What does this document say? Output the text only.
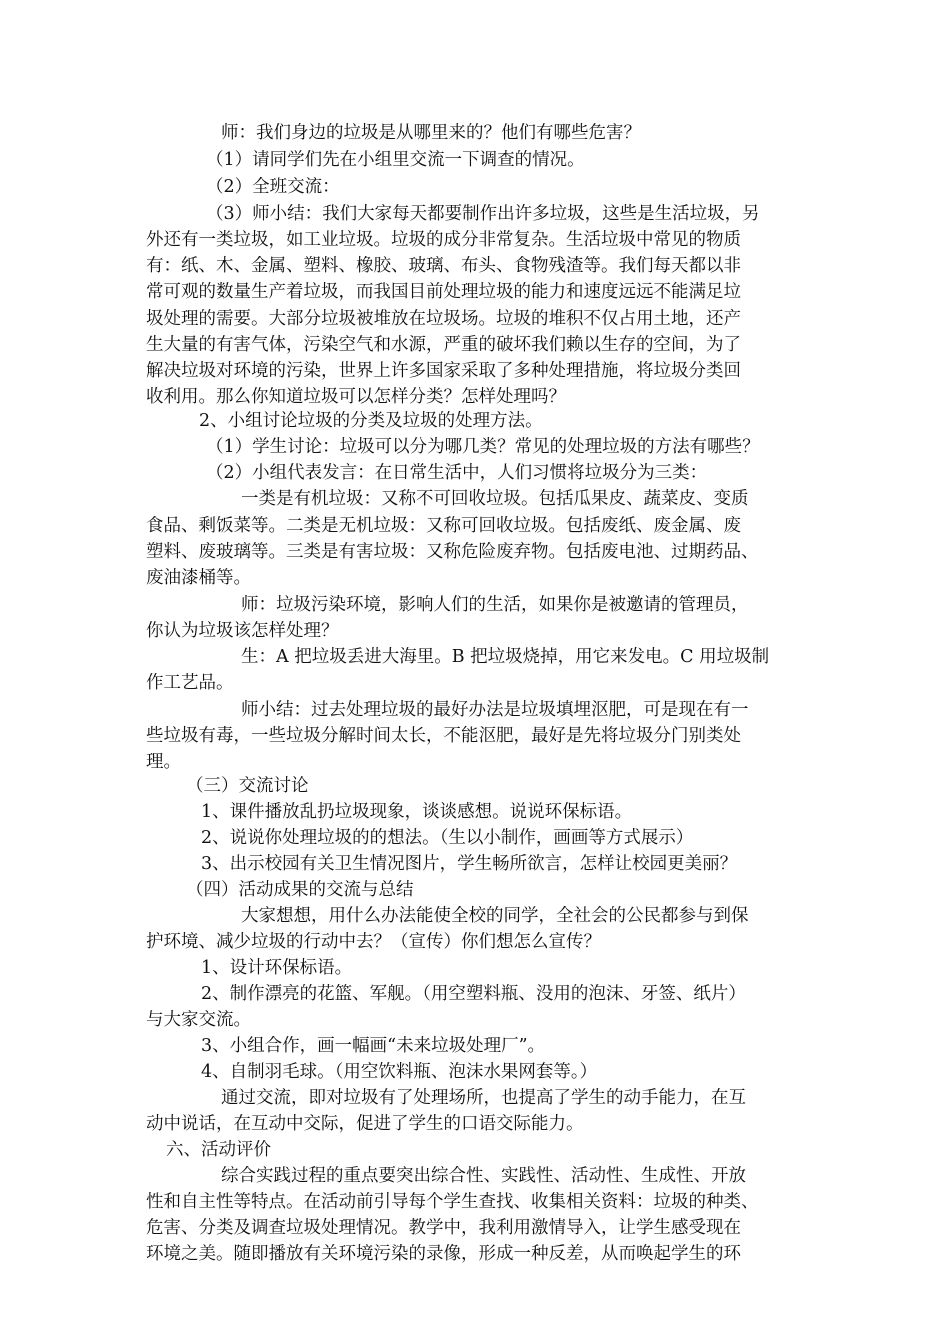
师：我们身边的垃圾是从哪里来的？他们有哪些危害？
（1）请同学们先在小组里交流一下调查的情况。
（2）全班交流：
（3）师小结：我们大家每天都要制作出许多垃圾，这些是生活垃圾，另
外还有一类垃圾，如工业垃圾。垃圾的成分非常复杂。生活垃圾中常见的物质
有：纸、木、金属、塑料、橡胶、玻璃、布头、食物残渣等。我们每天都以非
常可观的数量生产着垃圾，而我国目前处理垃圾的能力和速度远远不能满足垃
圾处理的需要。大部分垃圾被堆放在垃圾场。垃圾的堆积不仅占用土地，还产
生大量的有害气体，污染空气和水源，严重的破坏我们赖以生存的空间，为了
解决垃圾对环境的污染，世界上许多国家采取了多种处理措施，将垃圾分类回
收利用。那么你知道垃圾可以怎样分类？怎样处理吗？
2、小组讨论垃圾的分类及垃圾的处理方法。
（1）学生讨论：垃圾可以分为哪几类？常见的处理垃圾的方法有哪些？
（2）小组代表发言：在日常生活中，人们习惯将垃圾分为三类：
一类是有机垃圾：又称不可回收垃圾。包括瓜果皮、蔬菜皮、变质
食品、剩饭菜等。二类是无机垃圾：又称可回收垃圾。包括废纸、废金属、废
塑料、废玻璃等。三类是有害垃圾：又称危险废弃物。包括废电池、过期药品、
废油漆桶等。
师：垃圾污染环境，影响人们的生活，如果你是被邀请的管理员，
你认为垃圾该怎样处理？
生：A 把垃圾丢进大海里。B 把垃圾烧掉，用它来发电。C 用垃圾制
作工艺品。
师小结：过去处理垃圾的最好办法是垃圾填埋沤肥，可是现在有一
些垃圾有毒，一些垃圾分解时间太长，不能沤肥，最好是先将垃圾分门别类处
理。
（三）交流讨论
1、课件播放乱扔垃圾现象，谈谈感想。说说环保标语。
2、说说你处理垃圾的的想法。（生以小制作，画画等方式展示）
3、出示校园有关卫生情况图片，学生畅所欲言，怎样让校园更美丽？
（四）活动成果的交流与总结
大家想想，用什么办法能使全校的同学，全社会的公民都参与到保
护环境、减少垃圾的行动中去？（宣传）你们想怎么宣传？
1、设计环保标语。
2、制作漂亮的花篮、军舰。（用空塑料瓶、没用的泡沫、牙签、纸片）
与大家交流。
3、小组合作，画一幅画“未来垃圾处理厂”。
4、自制羽毛球。（用空饮料瓶、泡沫水果网套等。）
通过交流，即对垃圾有了处理场所，也提高了学生的动手能力，在互
动中说话，在互动中交际，促进了学生的口语交际能力。
六、活动评价
综合实践过程的重点要突出综合性、实践性、活动性、生成性、开放
性和自主性等特点。在活动前引导每个学生查找、收集相关资料：垃圾的种类、
危害、分类及调查垃圾处理情况。教学中，我利用激情导入，让学生感受现在
环境之美。随即播放有关环境污染的录像，形成一种反差，从而唤起学生的环
